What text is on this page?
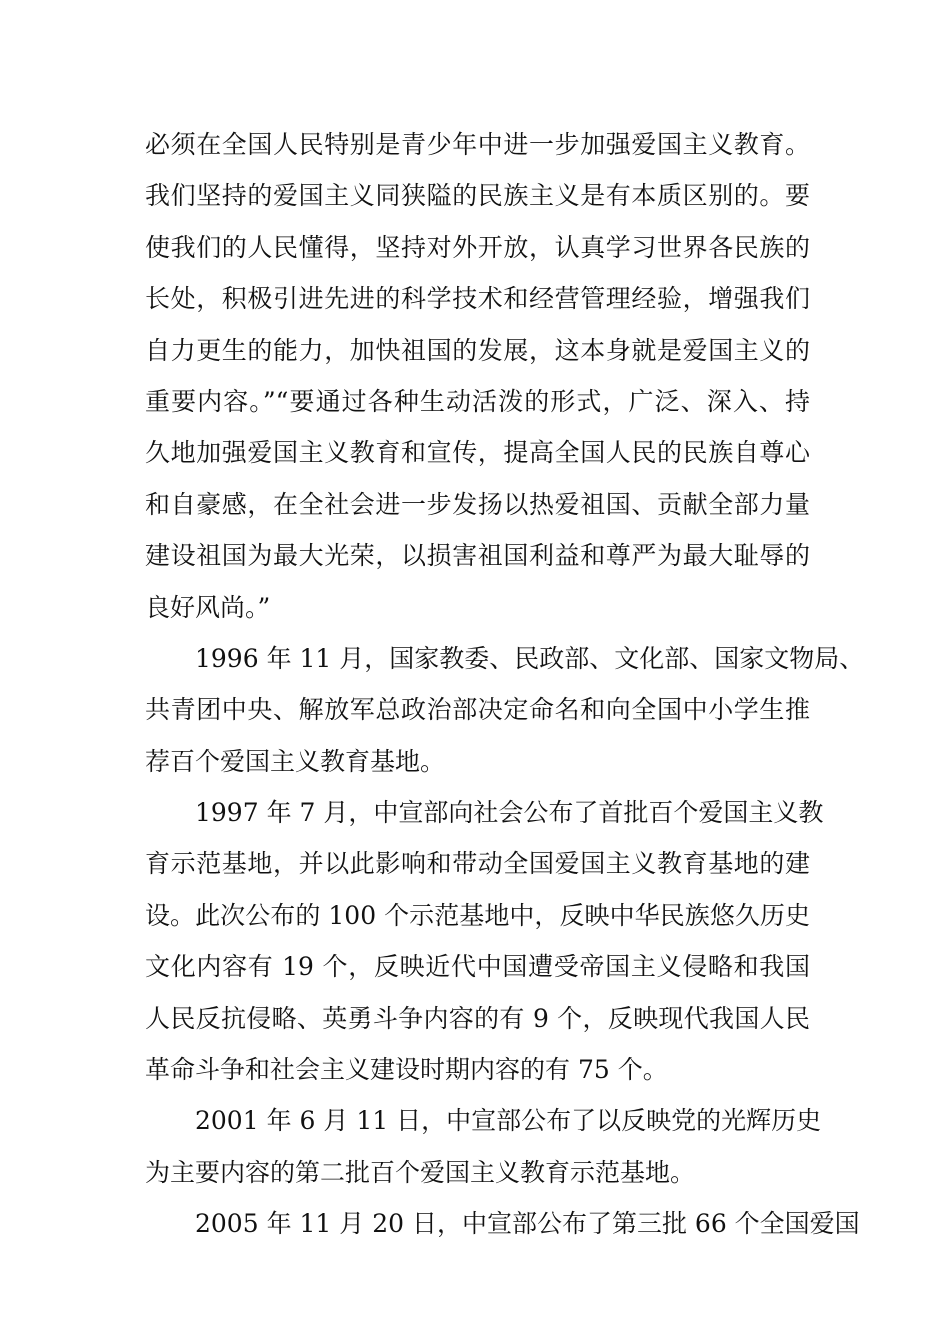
必须在全国人民特别是青少年中进一步加强爱国主义教育。
我们坚持的爱国主义同狭隘的民族主义是有本质区别的。要
使我们的人民懂得，坚持对外开放，认真学习世界各民族的
长处，积极引进先进的科学技术和经营管理经验，增强我们
自力更生的能力，加快祖国的发展，这本身就是爱国主义的
重要内容。”“要通过各种生动活泼的形式，广泛、深入、持
久地加强爱国主义教育和宣传，提高全国人民的民族自尊心
和自豪感，在全社会进一步发扬以热爱祖国、贡献全部力量
建设祖国为最大光荣，以损害祖国利益和尊严为最大耻辱的
良好风尚。”
1996 年 11 月，国家教委、民政部、文化部、国家文物局、
共青团中央、解放军总政治部决定命名和向全国中小学生推
荐百个爱国主义教育基地。
1997 年 7 月，中宣部向社会公布了首批百个爱国主义教
育示范基地，并以此影响和带动全国爱国主义教育基地的建
设。此次公布的 100 个示范基地中，反映中华民族悠久历史
文化内容有 19 个，反映近代中国遭受帝国主义侵略和我国
人民反抗侵略、英勇斗争内容的有 9 个，反映现代我国人民
革命斗争和社会主义建设时期内容的有 75 个。
2001 年 6 月 11 日，中宣部公布了以反映党的光辉历史
为主要内容的第二批百个爱国主义教育示范基地。
2005 年 11 月 20 日，中宣部公布了第三批 66 个全国爱国
